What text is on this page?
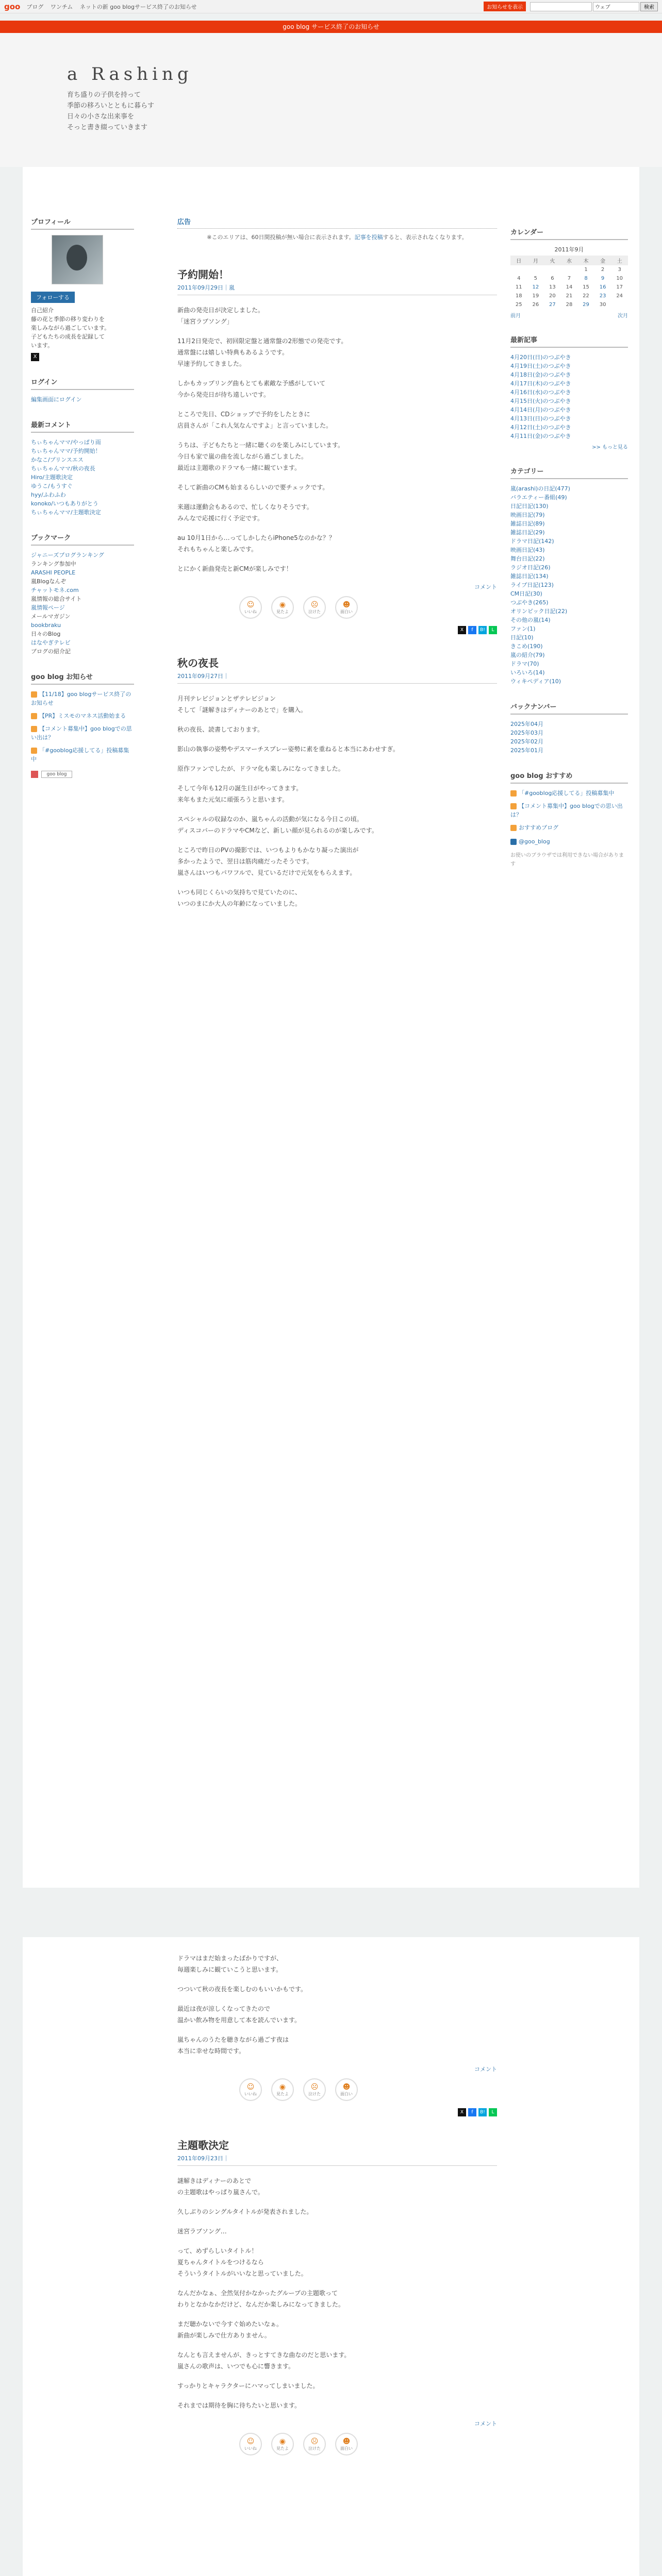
goo ブログ ワンチム ネットの新 goo blogサービス終了のお知らせ	お知らせを表示	ウェブ	検索
goo blog サービス終了のお知らせ
a Rashing
育ち盛りの子供を持って
季節の移ろいとともに暮らす
日々の小さな出来事を
そっと書き綴っていきます
プロフィール
フォローする
自己紹介
藤の花と季節の移り変わりを
楽しみながら過ごしています。
子どもたちの成長を記録して
います。
X
ログイン
編集画面にログイン
最新コメント
ちぃちゃんママ/やっぱり雨
ちぃちゃんママ/予約開始！
かなこ/プリンスエス
ちぃちゃんママ/秋の夜長
Hiro/主題歌決定
ゆうこ/もうすぐ
hyy/ふわふわ
konoko/いつもありがとう
ちぃちゃんママ/主題歌決定
ブックマーク
ジャニーズブログランキング
ランキング参加中
ARASHI PEOPLE
嵐Blogなんぞ
チャットモネ.com
嵐情報の総合サイト
嵐情報ページ
メールマガジン
bookbraku
日々のBlog
はなやぎテレビ
ブログの紹介記
goo blog お知らせ
【11/18】goo blogサービス終了のお知らせ
【PR】ミスモのマネス活動始まる
【コメント募集中】goo blogでの思い出は？
「#gooblog応援してる」投稿募集中
goo blog
広告
※このエリアは、60日間投稿が無い場合に表示されます。記事を投稿すると、表示されなくなります。
予約開始！
2011年09月29日｜嵐

新曲の発売日が決定しました。
「迷宮ラブソング」

11月2日発売で、初回限定盤と通常盤の2形態での発売です。
通常盤には嬉しい特典もあるようです。
早速予約してきました。

しかもカップリング曲もとても素敵な予感がしていて
今から発売日が待ち遠しいです。

ところで先日、CDショップで予約をしたときに
店員さんが「これ人気なんですよ」と言っていました。

うちは、子どもたちと一緒に聴くのを楽しみにしています。
今日も家で嵐の曲を流しながら過ごしました。
最近は主題歌のドラマも一緒に観ています。

そして新曲のCMも始まるらしいので要チェックです。

来週は運動会もあるので、忙しくなりそうです。
みんなで応援に行く予定です。

au 10月1日から…ってしかしたらiPhone5なのかな？？
それもちゃんと楽しみです。

とにかく新曲発売と新CMが楽しみです！

コメント
☺
いいね
◉
見たよ
☹
泣けた
☻
面白い
X	f	B!	L
秋の夜長
2011年09月27日｜

月刊テレビジョンとザテレビジョン
そして「謎解きはディナーのあとで」を購入。

秋の夜長、読書しております。

影山の執事の姿勢やデスマーチスプレー姿勢に素を重ねると本当にあわせすぎ。

原作ファンでしたが、ドラマ化も楽しみになってきました。

そして今年も12月の誕生日がやってきます。
来年もまた元気に頑張ろうと思います。

スペシャルの収録なのか、嵐ちゃんの活動が気になる今日この頃。
ディスコバーのドラマやCMなど、新しい顔が見られるのが楽しみです。

ところで昨日のPVの撮影では、いつもよりもかなり凝った演出が
多かったようで、翌日は筋肉痛だったそうです。
嵐さんはいつもパワフルで、見ているだけで元気をもらえます。

いつも同じくらいの気持ちで見ていたのに、
いつのまにか大人の年齢になっていました。

カレンダー
2011年9月
日	月	火	水	木	金	土
				1	2	3
4	5	6	7	8	9	10
11	12	13	14	15	16	17
18	19	20	21	22	23	24
25	26	27	28	29	30	
前月	次月
最新記事
4月20日(日)のつぶやき
4月19日(土)のつぶやき
4月18日(金)のつぶやき
4月17日(木)のつぶやき
4月16日(水)のつぶやき
4月15日(火)のつぶやき
4月14日(月)のつぶやき
4月13日(日)のつぶやき
4月12日(土)のつぶやき
4月11日(金)のつぶやき
>> もっと見る
カテゴリー
嵐(arashi)の日記(477)
バラエティー番組(49)
日記日記(130)
映画日記(79)
雑誌日記(89)
雑誌日記(29)
ドラマ日記(142)
映画日記(43)
舞台日記(22)
ラジオ日記(26)
雑誌日記(134)
ライブ日記(123)
CM日記(30)
つぶやき(265)
オリンピック日記(22)
その他の嵐(14)
ファン(1)
日記(10)
きこめ(190)
嵐の紹介(79)
ドラマ(70)
いろいろ(14)
ウィキペディア(10)
バックナンバー
2025年04月
2025年03月
2025年02月
2025年01月
goo blog おすすめ
「#gooblog応援してる」投稿募集中
【コメント募集中】goo blogでの思い出は？
おすすめブログ
@goo_blog
お使いのブラウザでは利用できない場合があります

ドラマはまだ始まったばかりですが、
毎週楽しみに観ていこうと思います。

つついて秋の夜長を楽しむのもいいかもです。

最近は夜が涼しくなってきたので
温かい飲み物を用意して本を読んでいます。

嵐ちゃんのうたを聴きながら過ごす夜は
本当に幸せな時間です。

コメント
☺
いいね
◉
見たよ
☹
泣けた
☻
面白い
X	f	B!	L
主題歌決定
2011年09月23日｜

謎解きはディナーのあとで
の主題歌はやっぱり嵐さんで。

久しぶりのシングルタイトルが発表されました。

迷宮ラブソング…

って、めずらしいタイトル！
夏ちゃんタイトルをつけるなら
そういうタイトルがいいなと思っていました。

なんだかなぁ、全然気付かなかったグループの主題歌って
わりとなかなかだけど、なんだか楽しみになってきました。

まだ聴かないで今すぐ始めたいなぁ。
新曲が楽しみで仕方ありません。

なんとも言えませんが、きっとすてきな曲なのだと思います。
嵐さんの歌声は、いつでも心に響きます。

すっかりとキャラクターにハマってしまいました。

それまでは期待を胸に待ちたいと思います。

コメント
☺
いいね
◉
見たよ
☹
泣けた
☻
面白い
